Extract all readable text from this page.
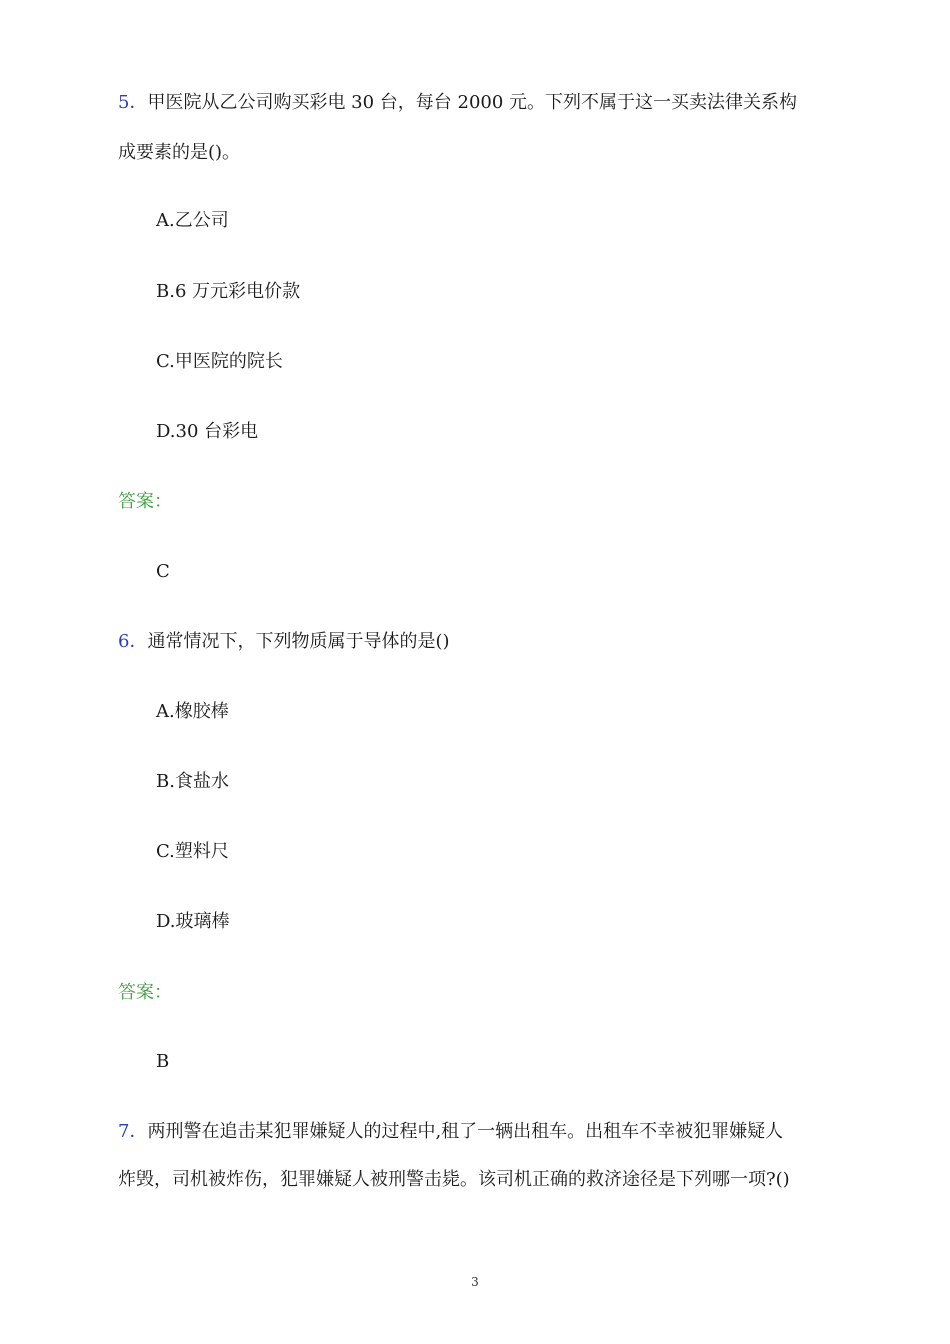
5．甲医院从乙公司购买彩电 30 台，每台 2000 元。下列不属于这一买卖法律关系构
成要素的是()。
A.乙公司
B.6 万元彩电价款
C.甲医院的院长
D.30 台彩电
答案：
C
6．通常情况下，下列物质属于导体的是()
A.橡胶棒
B.食盐水
C.塑料尺
D.玻璃棒
答案：
B
7．两刑警在追击某犯罪嫌疑人的过程中,租了一辆出租车。出租车不幸被犯罪嫌疑人
炸毁，司机被炸伤，犯罪嫌疑人被刑警击毙。该司机正确的救济途径是下列哪一项?()
3
